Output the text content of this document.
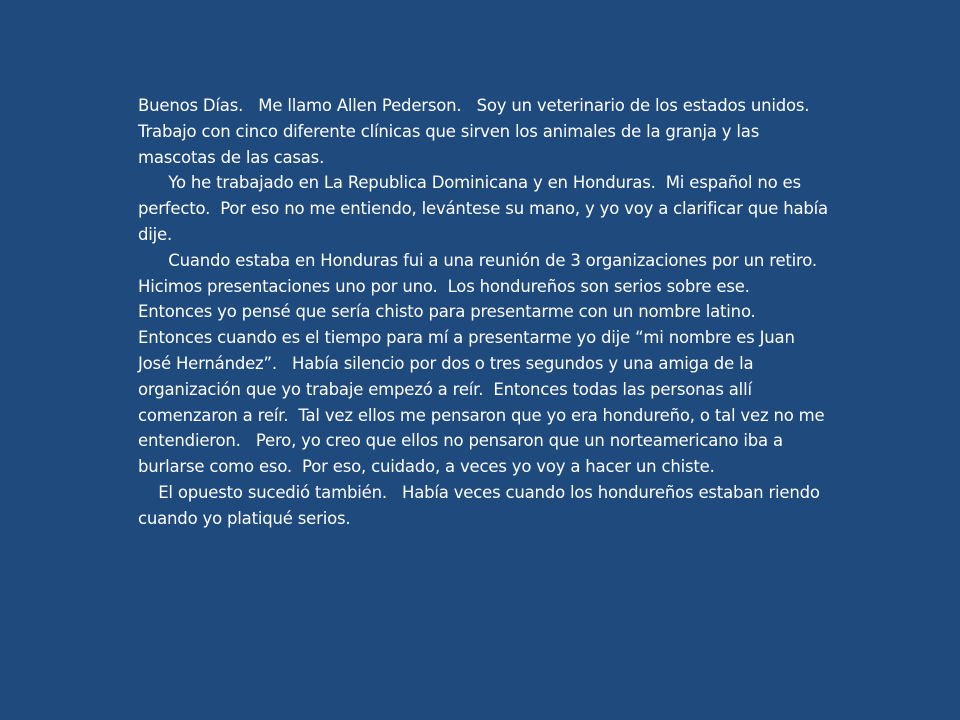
Buenos Días.   Me llamo Allen Pederson.   Soy un veterinario de los estados unidos.  Trabajo con cinco diferente clínicas que sirven los animales de la granja y las mascotas de las casas.

Yo he trabajado en La Republica Dominicana y en Honduras.  Mi español no es perfecto.  Por eso no me entiendo, levántese su mano, y yo voy a clarificar que había dije.

Cuando estaba en Honduras fui a una reunión de 3 organizaciones por un retiro.  Hicimos presentaciones uno por uno.  Los hondureños son serios sobre ese.  Entonces yo pensé que sería chisto para presentarme con un nombre latino.

Entonces cuando es el tiempo para mí a presentarme yo dije “mi nombre es Juan José Hernández”.   Había silencio por dos o tres segundos y una amiga de la organización que yo trabaje empezó a reír.  Entonces todas las personas allí comenzaron a reír.  Tal vez ellos me pensaron que yo era hondureño, o tal vez no me entendieron.   Pero, yo creo que ellos no pensaron que un norteamericano iba a burlarse como eso.  Por eso, cuidado, a veces yo voy a hacer un chiste.

El opuesto sucedió también.   Había veces cuando los hondureños estaban riendo cuando yo platiqué serios.
